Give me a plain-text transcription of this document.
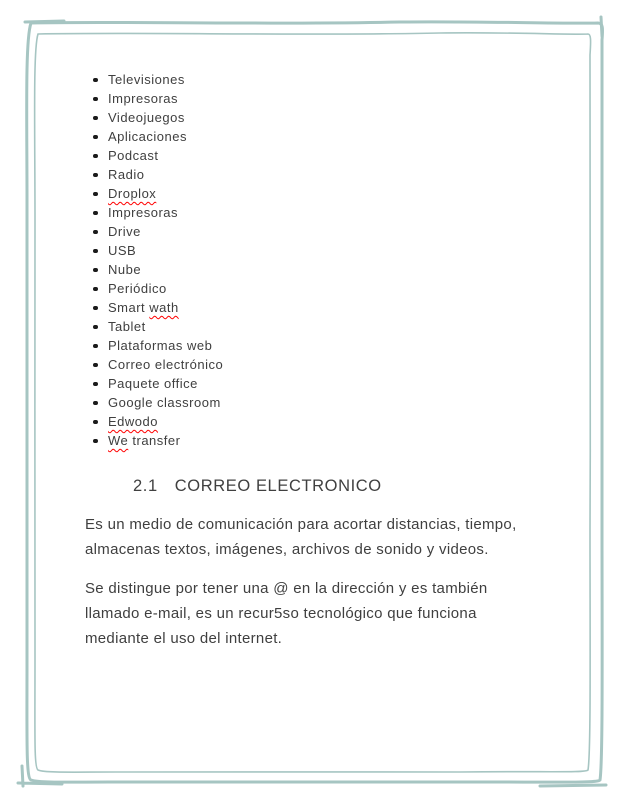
Televisiones
Impresoras
Videojuegos
Aplicaciones
Podcast
Radio
Droplox
Impresoras
Drive
USB
Nube
Periódico
Smart wath
Tablet
Plataformas web
Correo electrónico
Paquete office
Google classroom
Edwodo
We transfer
2.1 CORREO ELECTRONICO

Es un medio de comunicación para acortar distancias, tiempo,
almacenas textos, imágenes, archivos de sonido y videos.

Se distingue por tener una @ en la dirección y es también
llamado e-mail, es un recur5so tecnológico que funciona
mediante el uso del internet.
